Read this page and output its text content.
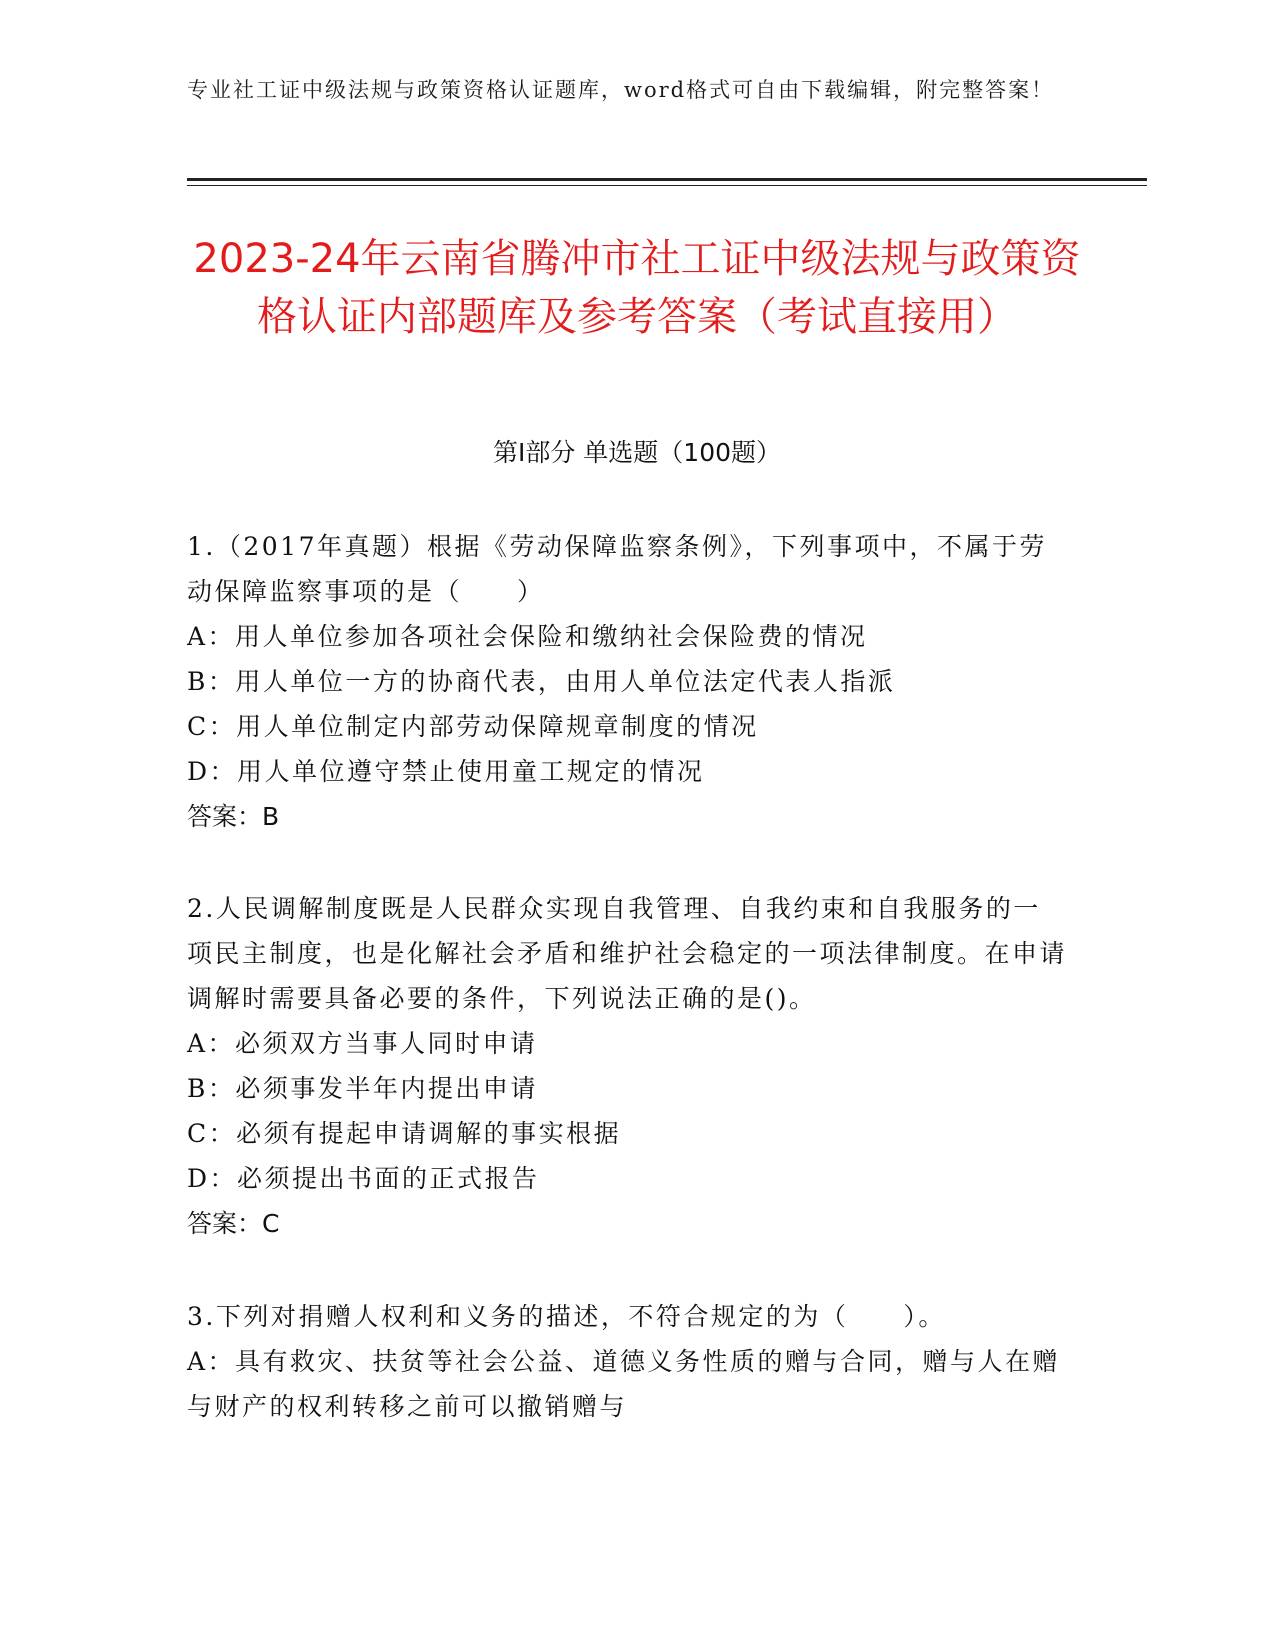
专业社工证中级法规与政策资格认证题库，word格式可自由下载编辑，附完整答案！
2023-24年云南省腾冲市社工证中级法规与政策资格认证内部题库及参考答案（考试直接用）
第I部分 单选题（100题）

1.（2017年真题）根据《劳动保障监察条例》，下列事项中，不属于劳动保障监察事项的是（　　）

A：用人单位参加各项社会保险和缴纳社会保险费的情况

B：用人单位一方的协商代表，由用人单位法定代表人指派

C：用人单位制定内部劳动保障规章制度的情况

D：用人单位遵守禁止使用童工规定的情况

答案：B

2.人民调解制度既是人民群众实现自我管理、自我约束和自我服务的一项民主制度，也是化解社会矛盾和维护社会稳定的一项法律制度。在申请调解时需要具备必要的条件，下列说法正确的是()。

A：必须双方当事人同时申请

B：必须事发半年内提出申请

C：必须有提起申请调解的事实根据

D：必须提出书面的正式报告

答案：C

3.下列对捐赠人权利和义务的描述，不符合规定的为（　　）。

A：具有救灾、扶贫等社会公益、道德义务性质的赠与合同，赠与人在赠与财产的权利转移之前可以撤销赠与
